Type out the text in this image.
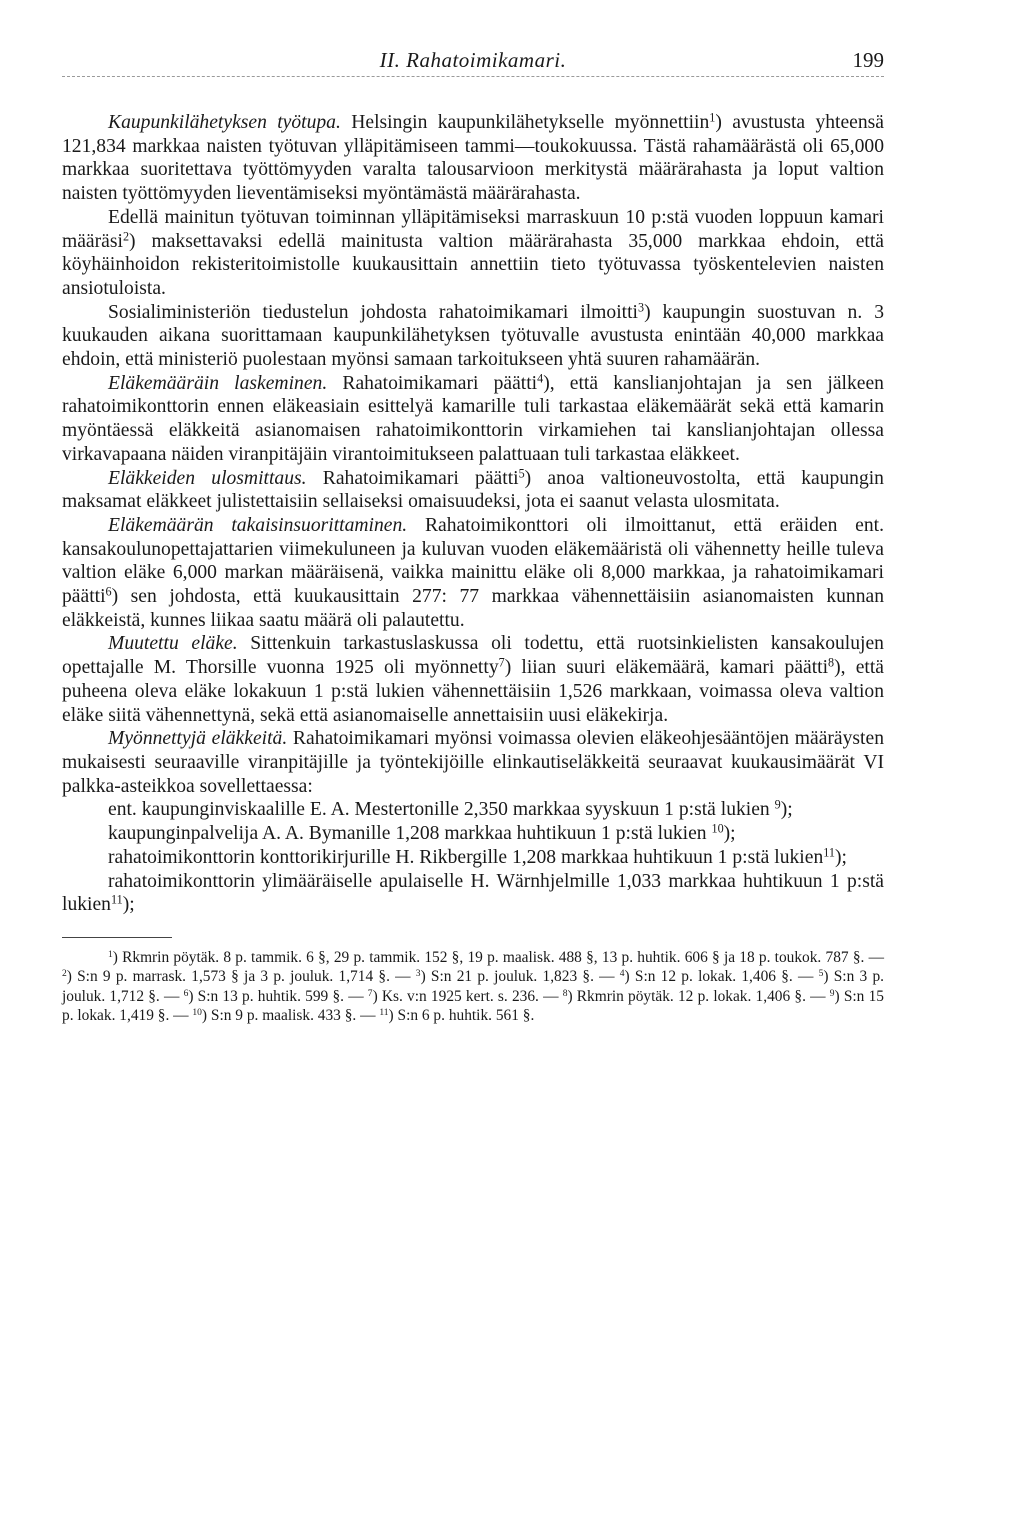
II. Rahatoimikamari.	199

Kaupunkilähetyksen työtupa. Helsingin kaupunkilähetykselle myönnettiin$^1$) avustusta yhteensä 121,834 markkaa naisten työtuvan ylläpitämiseen tammi—toukokuussa. Tästä rahamäärästä oli 65,000 markkaa suoritettava työttömyyden varalta talousarvioon merkitystä määrärahasta ja loput valtion naisten työttömyyden lieventämiseksi myöntämästä määrärahasta.

Edellä mainitun työtuvan toiminnan ylläpitämiseksi marraskuun 10 p:stä vuoden loppuun kamari määräsi$^2$) maksettavaksi edellä mainitusta valtion määrärahasta 35,000 markkaa ehdoin, että köyhäinhoidon rekisteritoimistolle kuukausittain annettiin tieto työtuvassa työskentelevien naisten ansiotuloista.

Sosialiministeriön tiedustelun johdosta rahatoimikamari ilmoitti$^3$) kaupungin suostuvan n. 3 kuukauden aikana suorittamaan kaupunkilähetyksen työtuvalle avustusta enintään 40,000 markkaa ehdoin, että ministeriö puolestaan myönsi samaan tarkoitukseen yhtä suuren rahamäärän.

Eläkemääräin laskeminen. Rahatoimikamari päätti$^4$), että kanslianjohtajan ja sen jälkeen rahatoimikonttorin ennen eläkeasiain esittelyä kamarille tuli tarkastaa eläkemäärät sekä että kamarin myöntäessä eläkkeitä asianomaisen rahatoimikonttorin virkamiehen tai kanslianjohtajan ollessa virkavapaana näiden viranpitäjäin virantoimitukseen palattuaan tuli tarkastaa eläkkeet.

Eläkkeiden ulosmittaus. Rahatoimikamari päätti$^5$) anoa valtioneuvostolta, että kaupungin maksamat eläkkeet julistettaisiin sellaiseksi omaisuudeksi, jota ei saanut velasta ulosmitata.

Eläkemäärän takaisinsuorittaminen. Rahatoimikonttori oli ilmoittanut, että eräiden ent. kansakoulunopettajattarien viimekuluneen ja kuluvan vuoden eläkemääristä oli vähennetty heille tuleva valtion eläke 6,000 markan määräisenä, vaikka mainittu eläke oli 8,000 markkaa, ja rahatoimikamari päätti$^6$) sen johdosta, että kuukausittain 277: 77 markkaa vähennettäisiin asianomaisten kunnan eläkkeistä, kunnes liikaa saatu määrä oli palautettu.

Muutettu eläke. Sittenkuin tarkastuslaskussa oli todettu, että ruotsinkielisten kansakoulujen opettajalle M. Thorsille vuonna 1925 oli myönnetty$^7$) liian suuri eläkemäärä, kamari päätti$^8$), että puheena oleva eläke lokakuun 1 p:stä lukien vähennettäisiin 1,526 markkaan, voimassa oleva valtion eläke siitä vähennettynä, sekä että asianomaiselle annettaisiin uusi eläkekirja.

Myönnettyjä eläkkeitä. Rahatoimikamari myönsi voimassa olevien eläkeohjesääntöjen määräysten mukaisesti seuraaville viranpitäjille ja työntekijöille elinkautiseläkkeitä seuraavat kuukausimäärät VI palkka-asteikkoa sovellettaessa:

ent. kaupunginviskaalille E. A. Mestertonille 2,350 markkaa syyskuun 1 p:stä lukien $^9$);

kaupunginpalvelija A. A. Bymanille 1,208 markkaa huhtikuun 1 p:stä lukien $^{10}$);

rahatoimikonttorin konttorikirjurille H. Rikbergille 1,208 markkaa huhtikuun 1 p:stä lukien$^{11}$);

rahatoimikonttorin ylimääräiselle apulaiselle H. Wärnhjelmille 1,033 markkaa huhtikuun 1 p:stä lukien$^{11}$);

$^1$) Rkmrin pöytäk. 8 p. tammik. 6 §, 29 p. tammik. 152 §, 19 p. maalisk. 488 §, 13 p. huhtik. 606 § ja 18 p. toukok. 787 §. — $^2$) S:n 9 p. marrask. 1,573 § ja 3 p. jouluk. 1,714 §. — $^3$) S:n 21 p. jouluk. 1,823 §. — $^4$) S:n 12 p. lokak. 1,406 §. — $^5$) S:n 3 p. jouluk. 1,712 §. — $^6$) S:n 13 p. huhtik. 599 §. — $^7$) Ks. v:n 1925 kert. s. 236. — $^8$) Rkmrin pöytäk. 12 p. lokak. 1,406 §. — $^9$) S:n 15 p. lokak. 1,419 §. — $^{10}$) S:n 9 p. maalisk. 433 §. — $^{11}$) S:n 6 p. huhtik. 561 §.
